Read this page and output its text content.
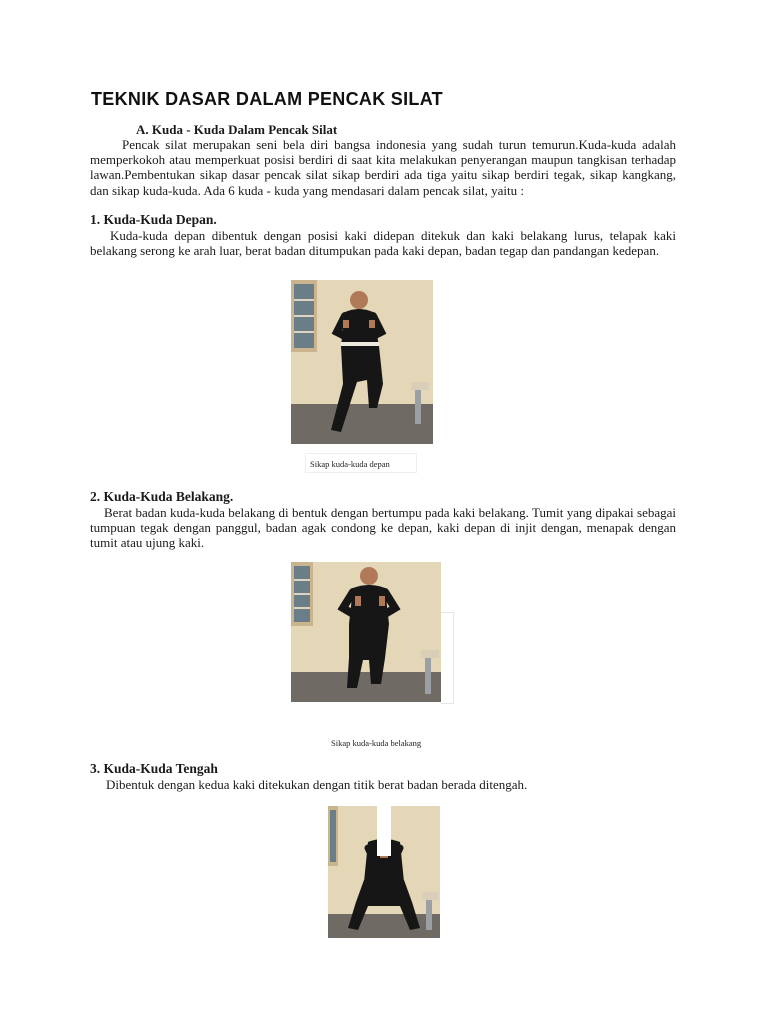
TEKNIK DASAR DALAM PENCAK SILAT

A. Kuda - Kuda Dalam Pencak Silat

Pencak silat merupakan seni bela diri bangsa indonesia yang sudah turun temurun.Kuda-kuda adalah memperkokoh atau memperkuat posisi berdiri di saat kita melakukan penyerangan maupun tangkisan terhadap lawan.Pembentukan sikap dasar pencak silat sikap berdiri ada tiga yaitu sikap berdiri tegak, sikap kangkang, dan sikap kuda-kuda. Ada 6 kuda - kuda yang mendasari dalam pencak silat, yaitu :

1. Kuda-Kuda Depan.

Kuda-kuda depan dibentuk dengan posisi kaki didepan ditekuk dan kaki belakang lurus, telapak kaki belakang serong ke arah luar, berat badan ditumpukan pada kaki depan, badan tegap dan pandangan kedepan.

Sikap kuda-kuda depan

2. Kuda-Kuda Belakang.

Berat badan kuda-kuda belakang di bentuk dengan bertumpu pada kaki belakang. Tumit yang dipakai sebagai tumpuan tegak dengan panggul, badan agak condong ke depan, kaki depan di injit dengan, menapak dengan tumit atau ujung kaki.

Sikap kuda-kuda belakang

3. Kuda-Kuda Tengah

Dibentuk dengan kedua kaki ditekukan dengan titik berat badan berada ditengah.
